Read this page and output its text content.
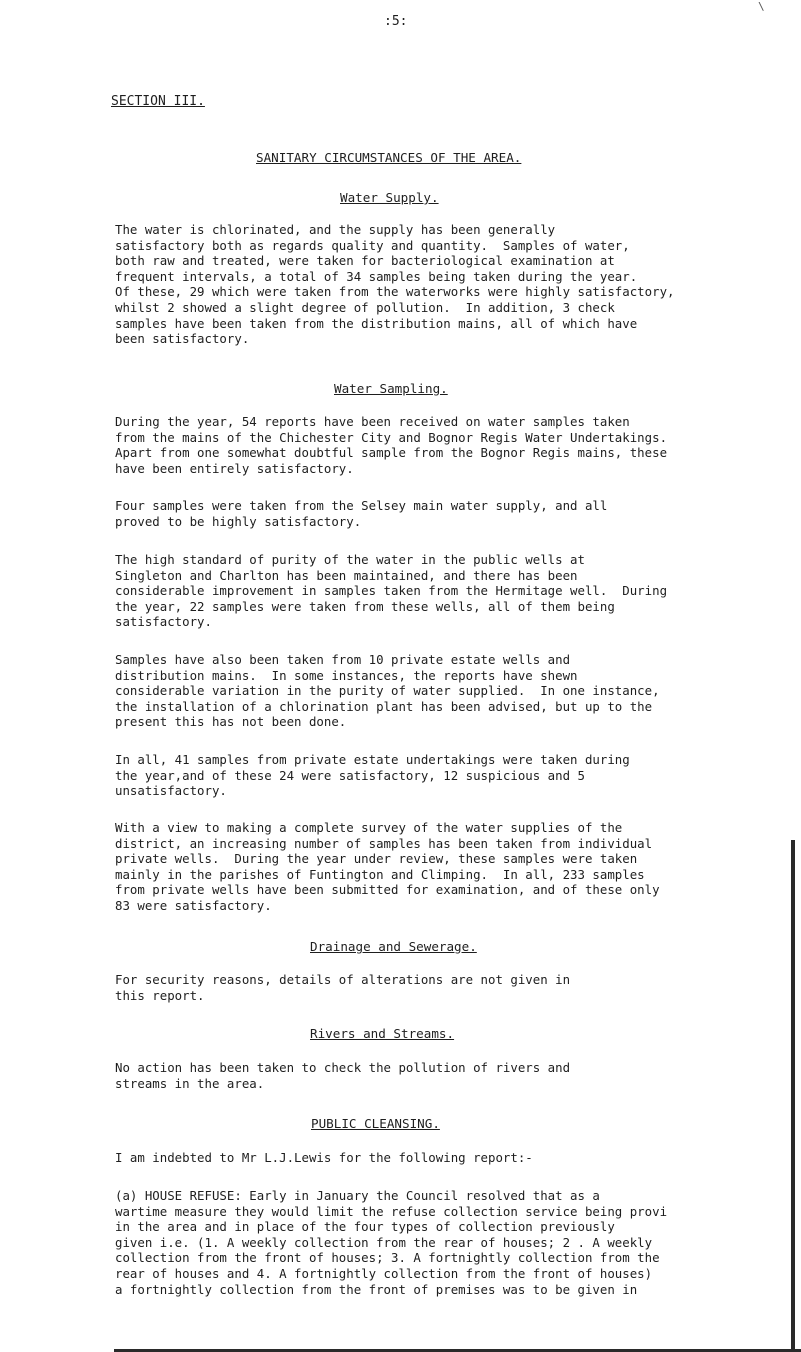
:5:
\
SECTION III.
SANITARY CIRCUMSTANCES OF THE AREA.
Water Supply.
The water is chlorinated, and the supply has been generally
satisfactory both as regards quality and quantity.  Samples of water,
both raw and treated, were taken for bacteriological examination at
frequent intervals, a total of 34 samples being taken during the year.
Of these, 29 which were taken from the waterworks were highly satisfactory,
whilst 2 showed a slight degree of pollution.  In addition, 3 check
samples have been taken from the distribution mains, all of which have
been satisfactory.
Water Sampling.
During the year, 54 reports have been received on water samples taken
from the mains of the Chichester City and Bognor Regis Water Undertakings.
Apart from one somewhat doubtful sample from the Bognor Regis mains, these
have been entirely satisfactory.
Four samples were taken from the Selsey main water supply, and all
proved to be highly satisfactory.
The high standard of purity of the water in the public wells at
Singleton and Charlton has been maintained, and there has been
considerable improvement in samples taken from the Hermitage well.  During
the year, 22 samples were taken from these wells, all of them being
satisfactory.
Samples have also been taken from 10 private estate wells and
distribution mains.  In some instances, the reports have shewn
considerable variation in the purity of water supplied.  In one instance,
the installation of a chlorination plant has been advised, but up to the
present this has not been done.
In all, 41 samples from private estate undertakings were taken during
the year,and of these 24 were satisfactory, 12 suspicious and 5
unsatisfactory.
With a view to making a complete survey of the water supplies of the
district, an increasing number of samples has been taken from individual
private wells.  During the year under review, these samples were taken
mainly in the parishes of Funtington and Climping.  In all, 233 samples
from private wells have been submitted for examination, and of these only
83 were satisfactory.
Drainage and Sewerage.
For security reasons, details of alterations are not given in
this report.
Rivers and Streams.
No action has been taken to check the pollution of rivers and
streams in the area.
PUBLIC CLEANSING.
I am indebted to Mr L.J.Lewis for the following report:-
(a) HOUSE REFUSE: Early in January the Council resolved that as a
wartime measure they would limit the refuse collection service being provi
in the area and in place of the four types of collection previously
given i.e. (1. A weekly collection from the rear of houses; 2 . A weekly
collection from the front of houses; 3. A fortnightly collection from the
rear of houses and 4. A fortnightly collection from the front of houses)
a fortnightly collection from the front of premises was to be given in
